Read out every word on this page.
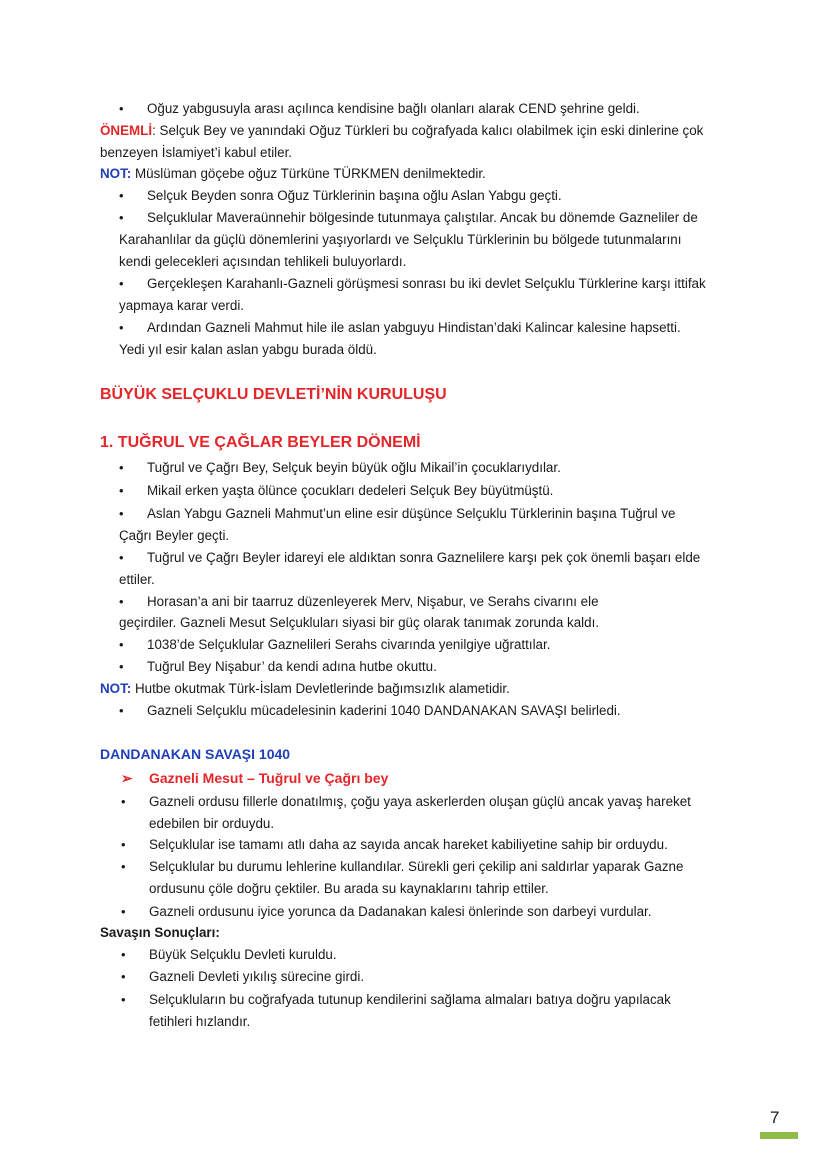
• Oğuz yabgusuyla arası açılınca kendisine bağlı olanları alarak CEND şehrine geldi.
ÖNEMLİ: Selçuk Bey ve yanındaki Oğuz Türkleri bu coğrafyada kalıcı olabilmek için eski dinlerine çok
benzeyen İslamiyet’i kabul etiler.
NOT: Müslüman göçebe oğuz Türküne TÜRKMEN denilmektedir.
• Selçuk Beyden sonra Oğuz Türklerinin başına oğlu Aslan Yabgu geçti.
• Selçuklular Maveraünnehir bölgesinde tutunmaya çalıştılar. Ancak bu dönemde Gazneliler de
Karahanlılar da güçlü dönemlerini yaşıyorlardı ve Selçuklu Türklerinin bu bölgede tutunmalarını
kendi gelecekleri açısından tehlikeli buluyorlardı.
• Gerçekleşen Karahanlı-Gazneli görüşmesi sonrası bu iki devlet Selçuklu Türklerine karşı ittifak
yapmaya karar verdi.
• Ardından Gazneli Mahmut hile ile aslan yabguyu Hindistan’daki Kalincar kalesine hapsetti.
Yedi yıl esir kalan aslan yabgu burada öldü.
BÜYÜK SELÇUKLU DEVLETİ’NİN KURULUŞU
1. TUĞRUL VE ÇAĞLAR BEYLER DÖNEMİ
• Tuğrul ve Çağrı Bey, Selçuk beyin büyük oğlu Mikail’in çocuklarıydılar.
• Mikail erken yaşta ölünce çocukları dedeleri Selçuk Bey büyütmüştü.
• Aslan Yabgu Gazneli Mahmut’un eline esir düşünce Selçuklu Türklerinin başına Tuğrul ve
Çağrı Beyler geçti.
• Tuğrul ve Çağrı Beyler idareyi ele aldıktan sonra Gaznelilere karşı pek çok önemli başarı elde
ettiler.
• Horasan’a ani bir taarruz düzenleyerek Merv, Nişabur, ve Serahs civarını ele
geçirdiler. Gazneli Mesut Selçukluları siyasi bir güç olarak tanımak zorunda kaldı.
• 1038’de Selçuklular Gaznelileri Serahs civarında yenilgiye uğrattılar.
• Tuğrul Bey Nişabur’ da kendi adına hutbe okuttu.
NOT: Hutbe okutmak Türk-İslam Devletlerinde bağımsızlık alametidir.
• Gazneli Selçuklu mücadelesinin kaderini 1040 DANDANAKAN SAVAŞI belirledi.
DANDANAKAN SAVAŞI 1040
➢ Gazneli Mesut – Tuğrul ve Çağrı bey
• Gazneli ordusu fillerle donatılmış, çoğu yaya askerlerden oluşan güçlü ancak yavaş hareket
edebilen bir orduydu.
• Selçuklular ise tamamı atlı daha az sayıda ancak hareket kabiliyetine sahip bir orduydu.
• Selçuklular bu durumu lehlerine kullandılar. Sürekli geri çekilip ani saldırlar yaparak Gazne
ordusunu çöle doğru çektiler. Bu arada su kaynaklarını tahrip ettiler.
• Gazneli ordusunu iyice yorunca da Dadanakan kalesi önlerinde son darbeyi vurdular.
Savaşın Sonuçları:
• Büyük Selçuklu Devleti kuruldu.
• Gazneli Devleti yıkılış sürecine girdi.
• Selçukluların bu coğrafyada tutunup kendilerini sağlama almaları batıya doğru yapılacak
fetihleri hızlandır.
7
